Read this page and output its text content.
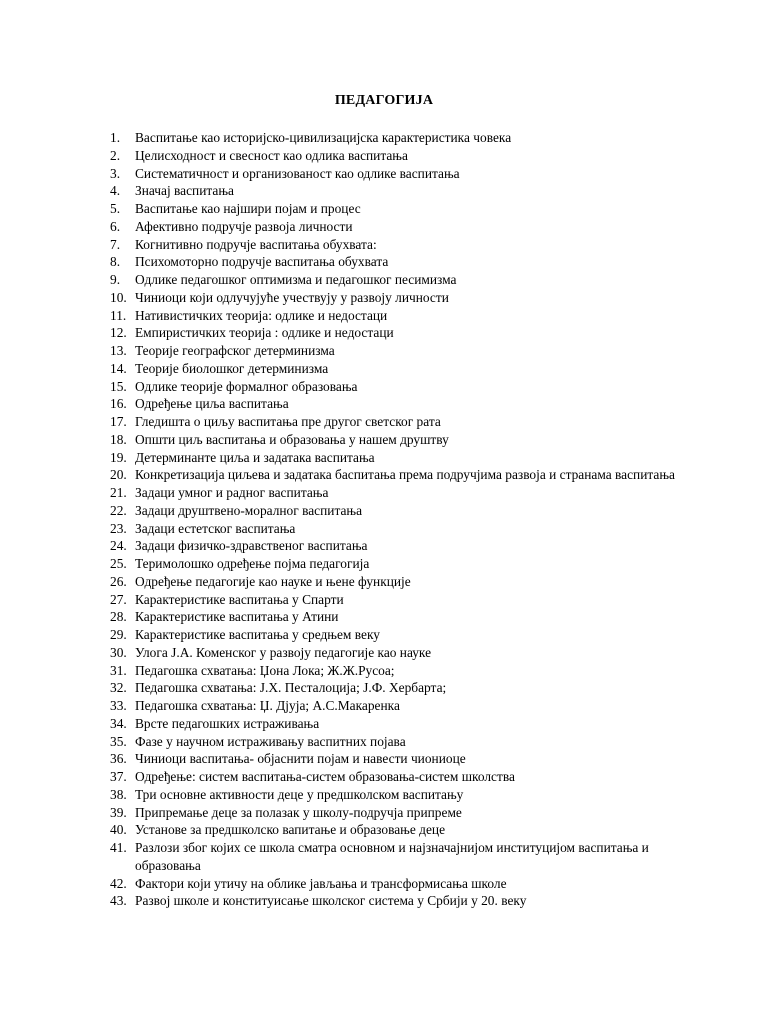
ПЕДАГОГИЈА
1.	Васпитање као историјско-цивилизацијска карактеристика човека
2.	Целисходност и свесност као одлика васпитања
3.	Систематичност и организованост као одлике васпитања
4.	Значај васпитања
5.	Васпитање као најшири појам и процес
6.	Афективно подручје развоја личности
7.	Когнитивно подручје васпитања обухвата:
8.	Психомоторно подручје васпитања обухвата
9.	Одлике педагошког оптимизма и педагошког песимизма
10. Чиниоци који одлучујуће учествују у развоју личности
11. Нативистичких теорија: одлике и недостаци
12. Емпиристичких теорија : одлике и недостаци
13. Теорије географског детерминизма
14. Теорије биолошког детерминизма
15. Одлике теорије формалног образовања
16. Одређење циља васпитања
17. Гледишта о циљу васпитања пре другог светског рата
18. Општи циљ васпитања и образовања у нашем друштву
19. Детерминанте циља и задатака васпитања
20. Конкретизација циљева и задатака баспитања према подручјима развоја и странама васпитања
21. Задаци умног и радног васпитања
22. Задаци друштвено-моралног васпитања
23. Задаци естетског васпитања
24. Задаци физичко-здравственог васпитања
25. Теримолошко одређење појма педагогија
26. Одређење педагогије као науке и њене функције
27. Карактеристике васпитања у Спарти
28. Карактеристике васпитања у Атини
29. Карактеристике васпитања у средњем веку
30. Улога Ј.А. Коменског у развоју педагогије као науке
31. Педагошка схватања: Џона Лока; Ж.Ж.Русоа;
32. Педагошка схватања: Ј.Х. Песталоција; Ј.Ф. Хербарта;
33. Педагошка схватања: Џ. Дјуја; А.С.Макаренка
34. Врсте педагошких истраживања
35. Фазе у научном истраживању васпитних појава
36. Чиниоци васпитања- објаснити појам и навести чиониоце
37. Одређење: систем васпитања-систем образовања-систем школства
38. Три основне активности деце у предшколском васпитању
39. Припремање деце за полазак у школу-подручја припреме
40. Установе за предшколско вапитање и образовање деце
41. Разлози због којих се школа сматра основном и најзначајнијом институцијом васпитања и образовања
42. Фактори који утичу на облике јављања и трансформисања школе
43. Развој школе и конституисање школског система у Србији у 20. веку
